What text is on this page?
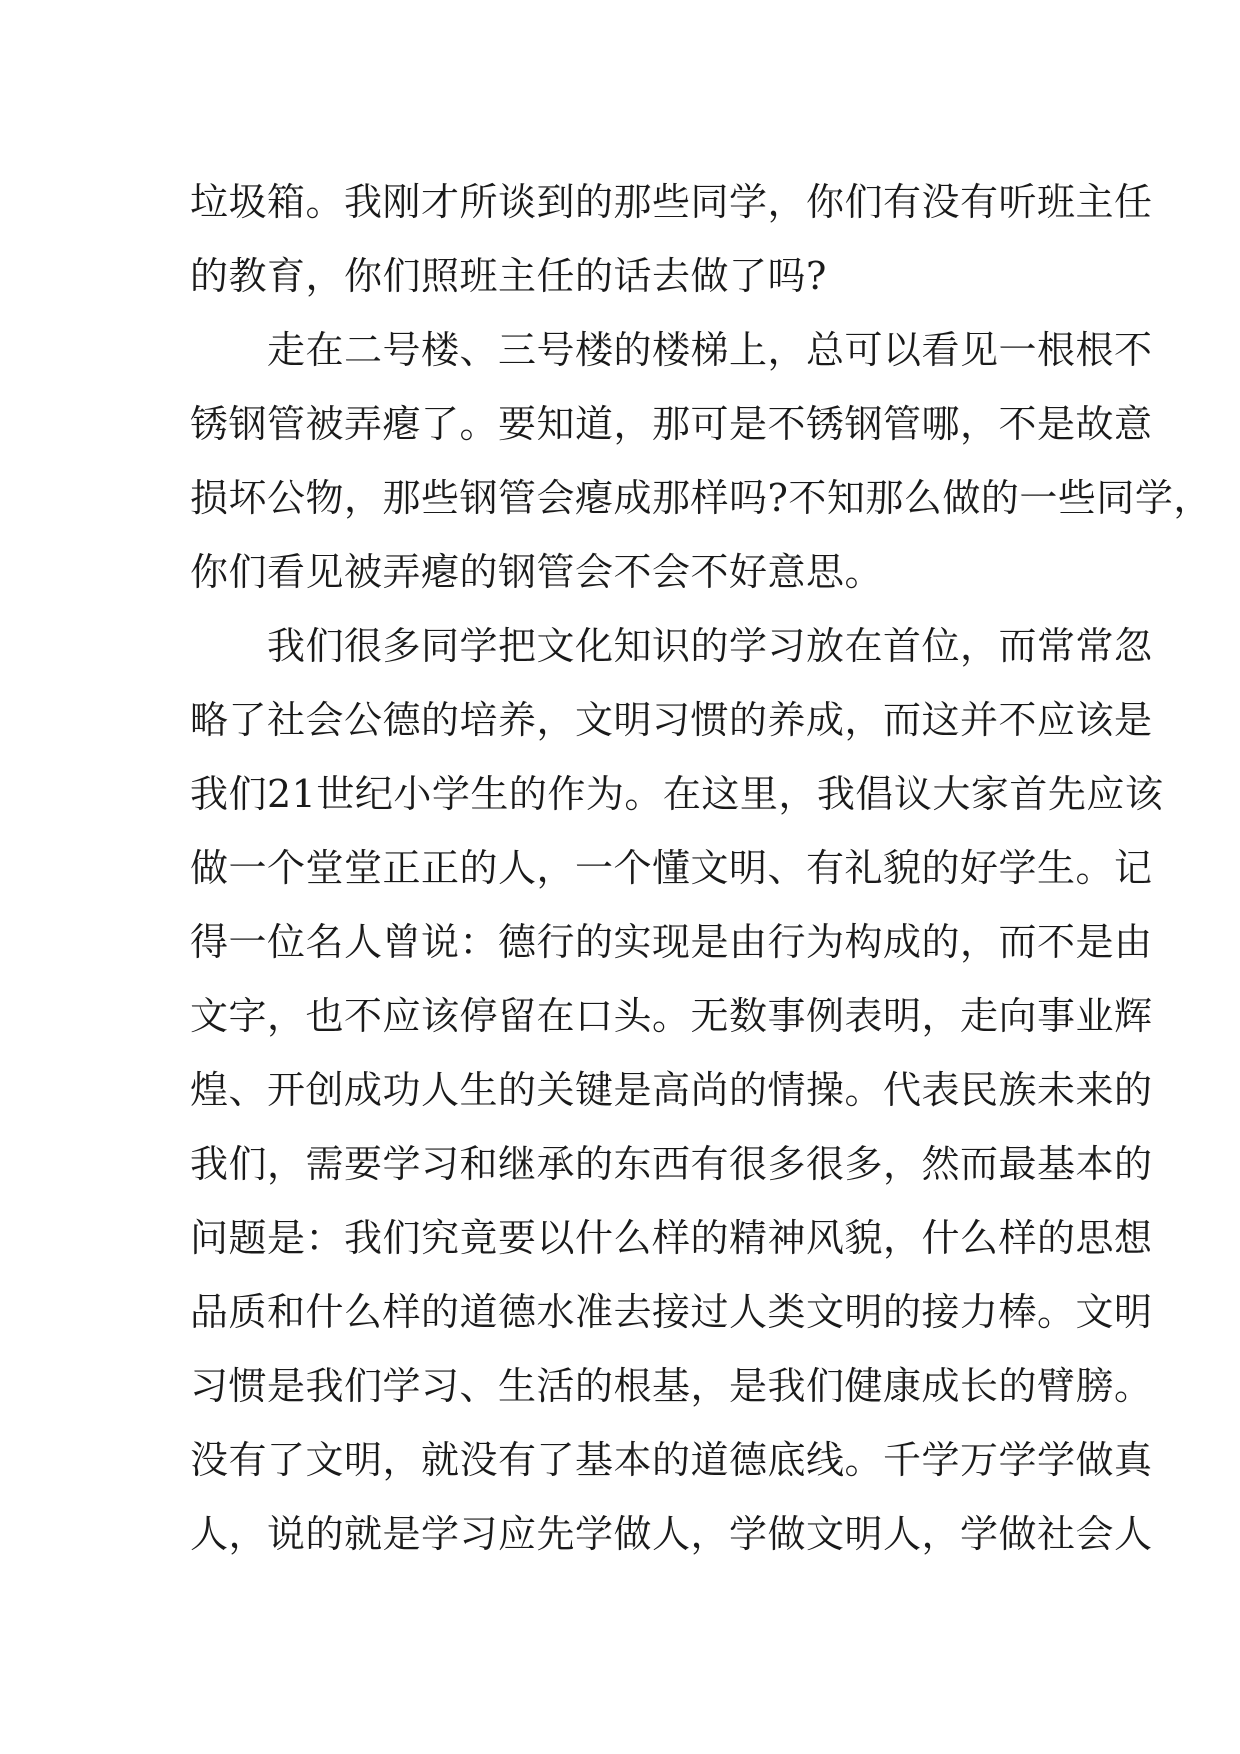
垃圾箱。我刚才所谈到的那些同学，你们有没有听班主任
的教育，你们照班主任的话去做了吗?
　　走在二号楼、三号楼的楼梯上，总可以看见一根根不
锈钢管被弄瘪了。要知道，那可是不锈钢管哪，不是故意
损坏公物，那些钢管会瘪成那样吗?不知那么做的一些同学，
你们看见被弄瘪的钢管会不会不好意思。
　　我们很多同学把文化知识的学习放在首位，而常常忽
略了社会公德的培养，文明习惯的养成，而这并不应该是
我们21世纪小学生的作为。在这里，我倡议大家首先应该
做一个堂堂正正的人，一个懂文明、有礼貌的好学生。记
得一位名人曾说：德行的实现是由行为构成的，而不是由
文字，也不应该停留在口头。无数事例表明，走向事业辉
煌、开创成功人生的关键是高尚的情操。代表民族未来的
我们，需要学习和继承的东西有很多很多，然而最基本的
问题是：我们究竟要以什么样的精神风貌，什么样的思想
品质和什么样的道德水准去接过人类文明的接力棒。文明
习惯是我们学习、生活的根基，是我们健康成长的臂膀。
没有了文明，就没有了基本的道德底线。千学万学学做真
人，说的就是学习应先学做人，学做文明人，学做社会人
